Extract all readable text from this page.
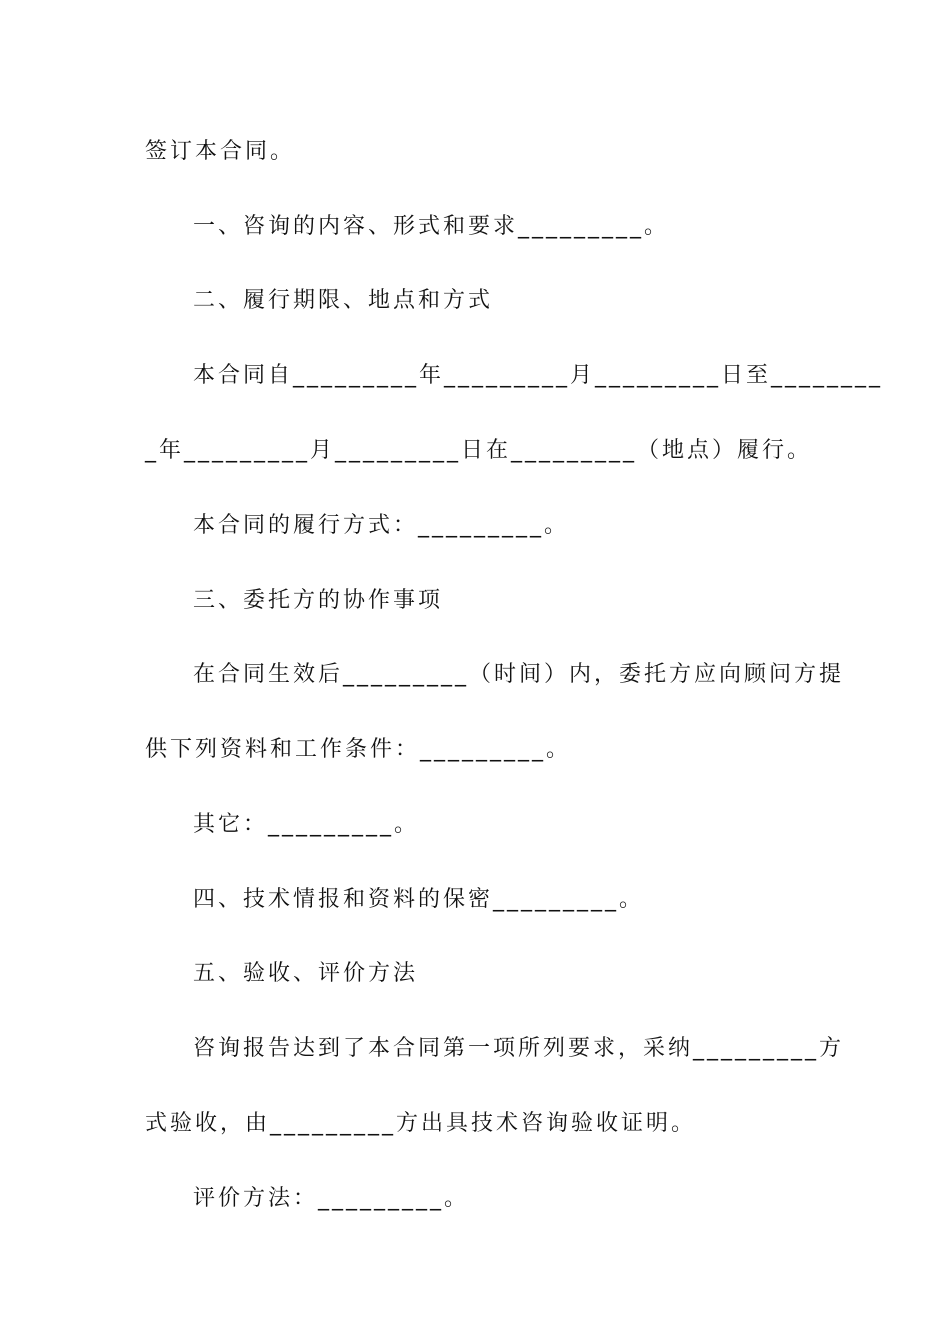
签订本合同。
一、咨询的内容、形式和要求_________。
二、履行期限、地点和方式
本合同自_________年_________月_________日至________
_年_________月_________日在_________（地点）履行。
本合同的履行方式：_________。
三、委托方的协作事项
在合同生效后_________（时间）内，委托方应向顾问方提
供下列资料和工作条件：_________。
其它：_________。
四、技术情报和资料的保密_________。
五、验收、评价方法
咨询报告达到了本合同第一项所列要求，采纳_________方
式验收，由_________方出具技术咨询验收证明。
评价方法：_________。
